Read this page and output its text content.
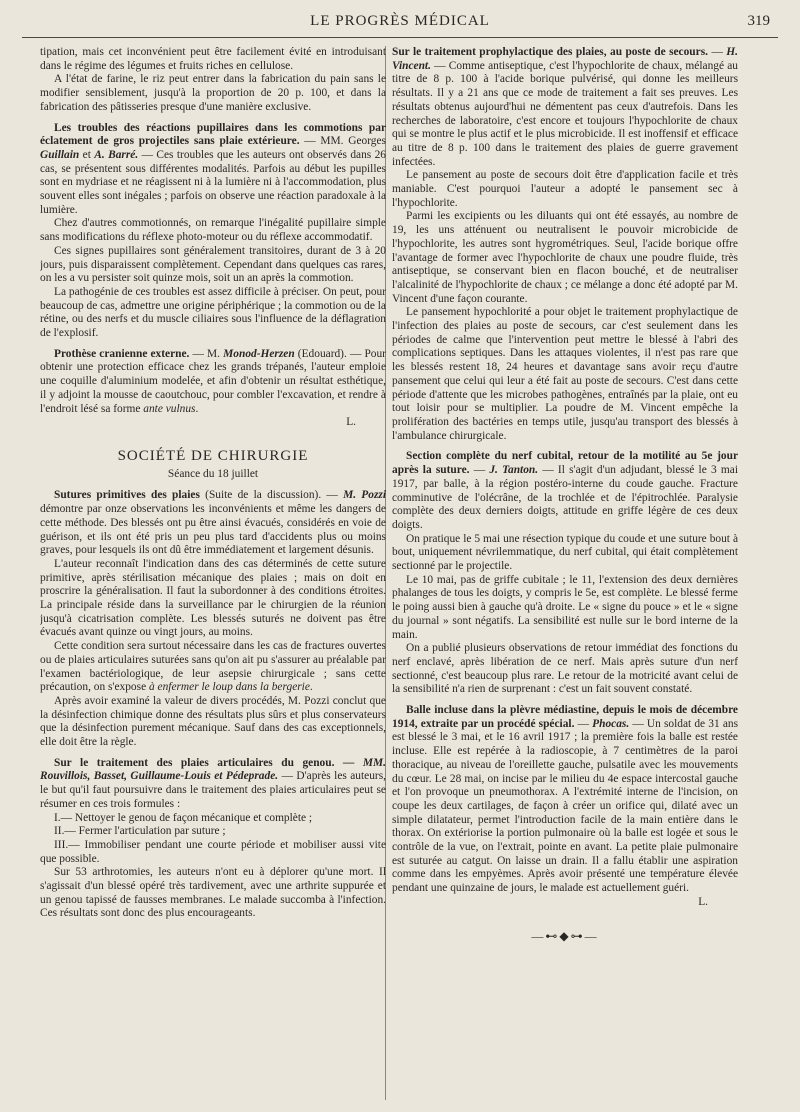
LE PROGRÈS MÉDICAL	319

tipation, mais cet inconvénient peut être facilement évité en introduisant dans le régime des légumes et fruits riches en cellulose.

A l'état de farine, le riz peut entrer dans la fabrication du pain sans le modifier sensiblement, jusqu'à la proportion de 20 p. 100, et dans la fabrication des pâtisseries presque d'une manière exclusive.

Les troubles des réactions pupillaires dans les commotions par éclatement de gros projectiles sans plaie extérieure. — MM. Georges Guillain et A. Barré. — Ces troubles que les auteurs ont observés dans 26 cas, se présentent sous différentes modalités. Parfois au début les pupilles sont en mydriase et ne réagissent ni à la lumière ni à l'accommodation, plus souvent elles sont inégales ; parfois on observe une réaction paradoxale à la lumière.

Chez d'autres commotionnés, on remarque l'inégalité pupillaire simple sans modifications du réflexe photo-moteur ou du réflexe accommodatif.

Ces signes pupillaires sont généralement transitoires, durant de 3 à 20 jours, puis disparaissent complètement. Cependant dans quelques cas rares, on les a vu persister soit quinze mois, soit un an après la commotion.

La pathogénie de ces troubles est assez difficile à préciser. On peut, pour beaucoup de cas, admettre une origine périphérique ; la commotion ou de la rétine, ou des nerfs et du muscle ciliaires sous l'influence de la déflagration de l'explosif.

Prothèse cranienne externe. — M. Monod-Herzen (Edouard). — Pour obtenir une protection efficace chez les grands trépanés, l'auteur emploie une coquille d'aluminium modelée, et afin d'obtenir un résultat esthétique, il y adjoint la mousse de caoutchouc, pour combler l'excavation, et rendre à l'endroit lésé sa forme ante vulnus.
L.

SOCIÉTÉ DE CHIRURGIE
Séance du 18 juillet

Sutures primitives des plaies (Suite de la discussion). — M. Pozzi démontre par onze observations les inconvénients et même les dangers de cette méthode. Des blessés ont pu être ainsi évacués, considérés en voie de guérison, et ils ont été pris un peu plus tard d'accidents plus ou moins graves, pour lesquels ils ont dû être immédiatement et largement désunis.

L'auteur reconnaît l'indication dans des cas déterminés de cette suture primitive, après stérilisation mécanique des plaies ; mais on doit en proscrire la généralisation. Il faut la subordonner à des conditions étroites. La principale réside dans la surveillance par le chirurgien de la réunion jusqu'à cicatrisation complète. Les blessés suturés ne doivent pas être évacués avant quinze ou vingt jours, au moins.

Cette condition sera surtout nécessaire dans les cas de fractures ouvertes ou de plaies articulaires suturées sans qu'on ait pu s'assurer au préalable par l'examen bactériologique, de leur asepsie chirurgicale ; sans cette précaution, on s'expose à enfermer le loup dans la bergerie.

Après avoir examiné la valeur de divers procédés, M. Pozzi conclut que la désinfection chimique donne des résultats plus sûrs et plus conservateurs que la désinfection purement mécanique. Sauf dans des cas exceptionnels, elle doit être la règle.

Sur le traitement des plaies articulaires du genou. — MM. Rouvillois, Basset, Guillaume-Louis et Pédeprade. — D'après les auteurs, le but qu'il faut poursuivre dans le traitement des plaies articulaires peut se résumer en ces trois formules :

I.— Nettoyer le genou de façon mécanique et complète ;

II.— Fermer l'articulation par suture ;

III.— Immobiliser pendant une courte période et mobiliser aussi vite que possible.

Sur 53 arthrotomies, les auteurs n'ont eu à déplorer qu'une mort. Il s'agissait d'un blessé opéré très tardivement, avec une arthrite suppurée et un genou tapissé de fausses membranes. Le malade succomba à l'infection. Ces résultats sont donc des plus encourageants.

Sur le traitement prophylactique des plaies, au poste de secours. — H. Vincent. — Comme antiseptique, c'est l'hypochlorite de chaux, mélangé au titre de 8 p. 100 à l'acide borique pulvérisé, qui donne les meilleurs résultats. Il y a 21 ans que ce mode de traitement a fait ses preuves. Les résultats obtenus aujourd'hui ne démentent pas ceux d'autrefois. Dans les recherches de laboratoire, c'est encore et toujours l'hypochlorite de chaux qui se montre le plus actif et le plus microbicide. Il est inoffensif et efficace au titre de 8 p. 100 dans le traitement des plaies de guerre gravement infectées.

Le pansement au poste de secours doit être d'application facile et très maniable. C'est pourquoi l'auteur a adopté le pansement sec à l'hypochlorite.

Parmi les excipients ou les diluants qui ont été essayés, au nombre de 19, les uns atténuent ou neutralisent le pouvoir microbicide de l'hypochlorite, les autres sont hygrométriques. Seul, l'acide borique offre l'avantage de former avec l'hypochlorite de chaux une poudre fluide, très antiseptique, se conservant bien en flacon bouché, et de neutraliser l'alcalinité de l'hypochlorite de chaux ; ce mélange a donc été adopté par M. Vincent d'une façon courante.

Le pansement hypochlorité a pour objet le traitement prophylactique de l'infection des plaies au poste de secours, car c'est seulement dans les périodes de calme que l'intervention peut mettre le blessé à l'abri des complications septiques. Dans les attaques violentes, il n'est pas rare que les blessés restent 18, 24 heures et davantage sans avoir reçu d'autre pansement que celui qui leur a été fait au poste de secours. C'est dans cette période d'attente que les microbes pathogènes, entraînés par la plaie, ont eu tout loisir pour se multiplier. La poudre de M. Vincent empêche la prolifération des bactéries en temps utile, jusqu'au transport des blessés à l'ambulance chirurgicale.

Section complète du nerf cubital, retour de la motilité au 5e jour après la suture. — J. Tanton. — Il s'agit d'un adjudant, blessé le 3 mai 1917, par balle, à la région postéro-interne du coude gauche. Fracture comminutive de l'olécrâne, de la trochlée et de l'épitrochlée. Paralysie complète des deux derniers doigts, attitude en griffe légère de ces deux doigts.

On pratique le 5 mai une résection typique du coude et une suture bout à bout, uniquement névrilemmatique, du nerf cubital, qui était complètement sectionné par le projectile.

Le 10 mai, pas de griffe cubitale ; le 11, l'extension des deux dernières phalanges de tous les doigts, y compris le 5e, est complète. Le blessé ferme le poing aussi bien à gauche qu'à droite. Le « signe du pouce » et le « signe du journal » sont négatifs. La sensibilité est nulle sur le bord interne de la main.

On a publié plusieurs observations de retour immédiat des fonctions du nerf enclavé, après libération de ce nerf. Mais après suture d'un nerf sectionné, c'est beaucoup plus rare. Le retour de la motricité avant celui de la sensibilité n'a rien de surprenant : c'est un fait souvent constaté.

Balle incluse dans la plèvre médiastine, depuis le mois de décembre 1914, extraite par un procédé spécial. — Phocas. — Un soldat de 31 ans est blessé le 3 mai, et le 16 avril 1917 ; la première fois la balle est restée incluse. Elle est repérée à la radioscopie, à 7 centimètres de la paroi thoracique, au niveau de l'oreillette gauche, pulsatile avec les mouvements du cœur. Le 28 mai, on incise par le milieu du 4e espace intercostal gauche et l'on provoque un pneumothorax. A l'extrémité interne de l'incision, on coupe les deux cartilages, de façon à créer un orifice qui, dilaté avec un simple dilatateur, permet l'introduction facile de la main entière dans le thorax. On extériorise la portion pulmonaire où la balle est logée et sous le contrôle de la vue, on l'extrait, pointe en avant. La petite plaie pulmonaire est suturée au catgut. On laisse un drain. Il a fallu établir une aspiration comme dans les empyèmes. Après avoir présenté une température élevée pendant une quinzaine de jours, le malade est actuellement guéri.
L.

—⊷◆⊶—
